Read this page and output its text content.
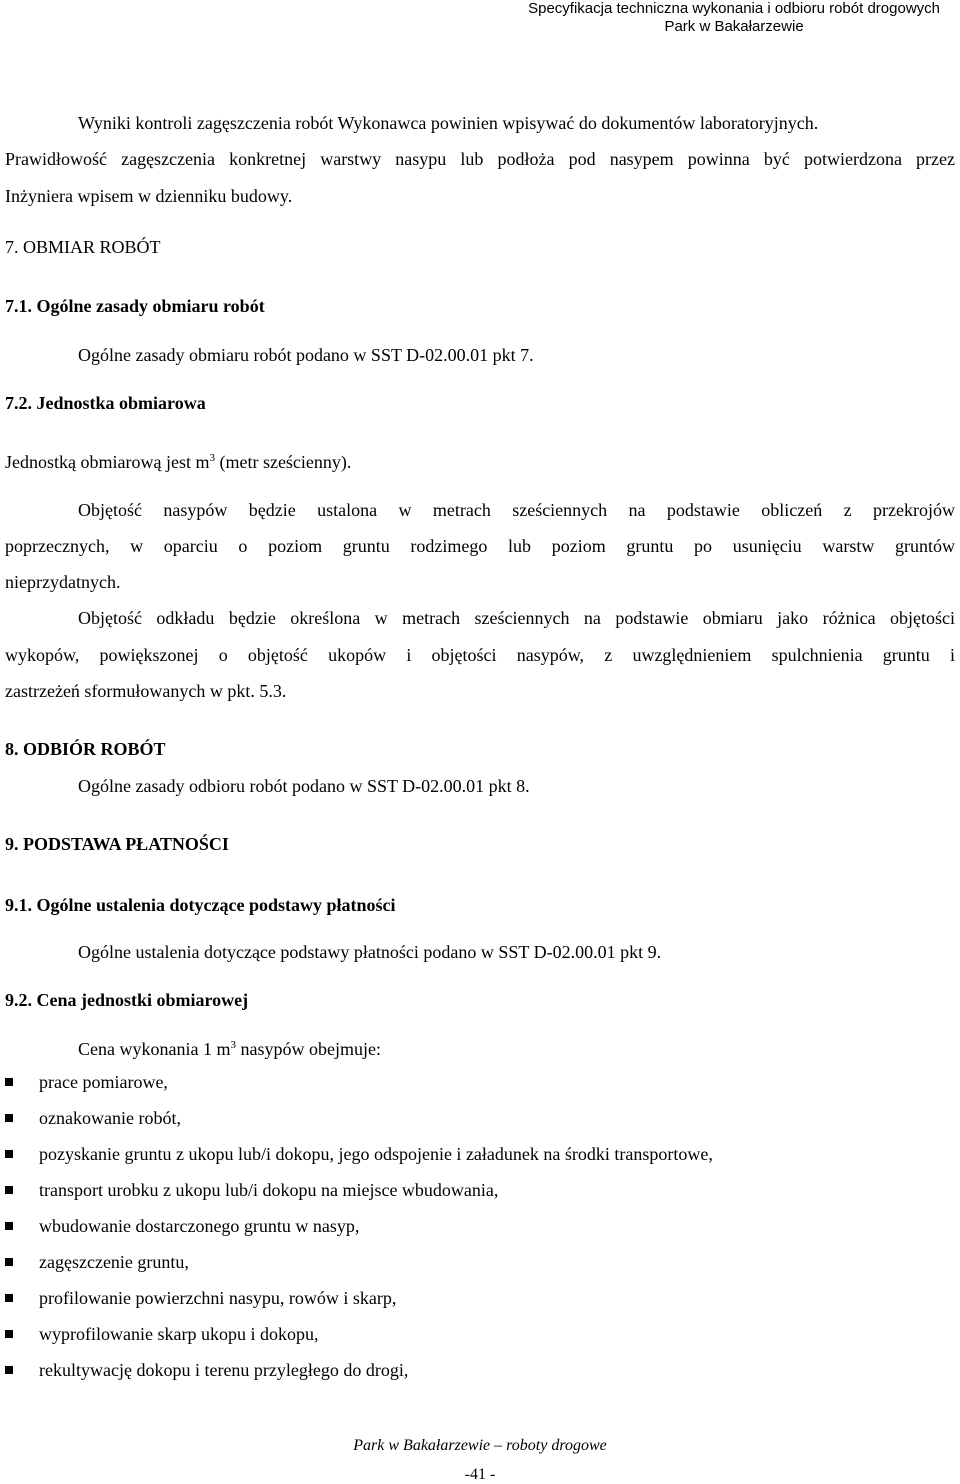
Specyfikacja techniczna wykonania i odbioru robót drogowych
Park w Bakałarzewie
Wyniki kontroli zagęszczenia robót Wykonawca powinien wpisywać do dokumentów laboratoryjnych.
Prawidłowość zagęszczenia konkretnej warstwy nasypu lub podłoża pod nasypem powinna być potwierdzona przez
Inżyniera wpisem w dzienniku budowy.
7. OBMIAR ROBÓT
7.1. Ogólne zasady obmiaru robót
Ogólne zasady obmiaru robót podano w SST D-02.00.01 pkt 7.
7.2. Jednostka obmiarowa
Jednostką obmiarową jest $m^3$ (metr sześcienny).
Objętość nasypów będzie ustalona w metrach sześciennych na podstawie obliczeń z przekrojów
poprzecznych, w oparciu o poziom gruntu rodzimego lub poziom gruntu po usunięciu warstw gruntów
nieprzydatnych.
Objętość odkładu będzie określona w metrach sześciennych na podstawie obmiaru jako różnica objętości
wykopów, powiększonej o objętość ukopów i objętości nasypów, z uwzględnieniem spulchnienia gruntu i
zastrzeżeń sformułowanych w pkt. 5.3.
8. ODBIÓR ROBÓT
Ogólne zasady odbioru robót podano w SST D-02.00.01 pkt 8.
9. PODSTAWA PŁATNOŚCI
9.1. Ogólne ustalenia dotyczące podstawy płatności
Ogólne ustalenia dotyczące podstawy płatności podano w SST D-02.00.01 pkt 9.
9.2. Cena jednostki obmiarowej
Cena wykonania 1 $m^3$ nasypów obejmuje:
prace pomiarowe,
oznakowanie robót,
pozyskanie gruntu z ukopu lub/i dokopu, jego odspojenie i załadunek na środki transportowe,
transport urobku z ukopu lub/i dokopu na miejsce wbudowania,
wbudowanie dostarczonego gruntu w nasyp,
zagęszczenie gruntu,
profilowanie powierzchni nasypu, rowów i skarp,
wyprofilowanie skarp ukopu i dokopu,
rekultywację dokopu i terenu przyległego do drogi,
Park w Bakałarzewie – roboty drogowe
-41 -
